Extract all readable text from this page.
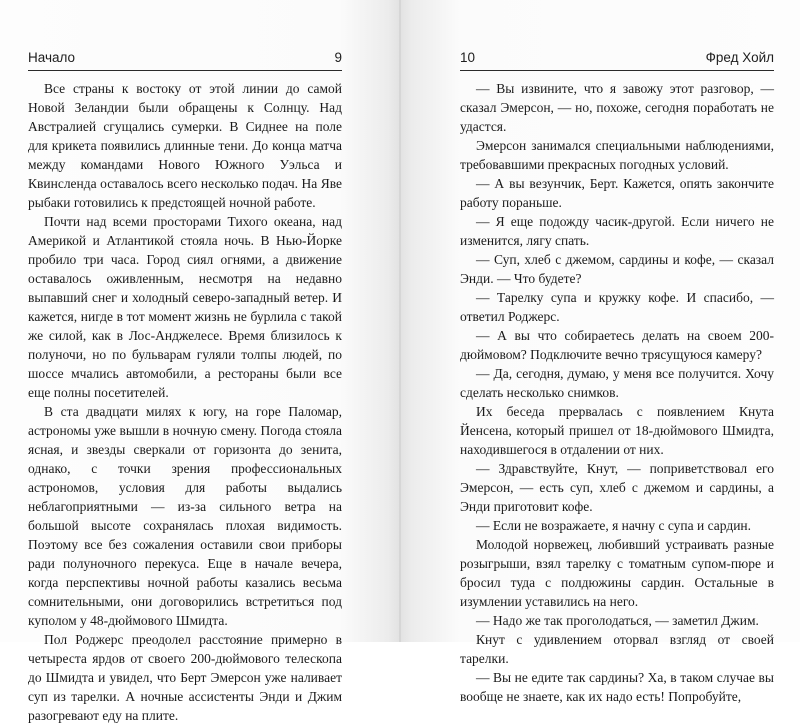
Начало	9

Все страны к востоку от этой линии до самой Новой Зеландии были обращены к Солнцу. Над Австралией сгущались сумерки. В Сиднее на поле для крикета появились длинные тени. До конца матча между командами Нового Южного Уэльса и Квинсленда оставалось всего несколько подач. На Яве рыбаки готовились к предстоящей ночной работе.

Почти над всеми просторами Тихого океана, над Америкой и Атлантикой стояла ночь. В Нью-Йорке пробило три часа. Город сиял огнями, а движение оставалось оживленным, несмотря на недавно выпавший снег и холодный северо-западный ветер. И кажется, нигде в тот момент жизнь не бурлила с такой же силой, как в Лос-Анджелесе. Время близилось к полуночи, но по бульварам гуляли толпы людей, по шоссе мчались автомобили, а рестораны были все еще полны посетителей.

В ста двадцати милях к югу, на горе Паломар, астрономы уже вышли в ночную смену. Погода стояла ясная, и звезды сверкали от горизонта до зенита, однако, с точки зрения профессиональных астрономов, условия для работы выдались неблагоприятными — из-за сильного ветра на большой высоте сохранялась плохая видимость. Поэтому все без сожаления оставили свои приборы ради полуночного перекуса. Еще в начале вечера, когда перспективы ночной работы казались весьма сомнительными, они договорились встретиться под куполом у 48-дюймового Шмидта.

Пол Роджерс преодолел расстояние примерно в четыреста ярдов от своего 200-дюймового телескопа до Шмидта и увидел, что Берт Эмерсон уже наливает суп из тарелки. А ночные ассистенты Энди и Джим разогревают еду на плите.

10	Фред Хойл

— Вы извините, что я завожу этот разговор, — сказал Эмерсон, — но, похоже, сегодня поработать не удастся.

Эмерсон занимался специальными наблюдениями, требовавшими прекрасных погодных условий.

— А вы везунчик, Берт. Кажется, опять закончите работу пораньше.

— Я еще подожду часик-другой. Если ничего не изменится, лягу спать.

— Суп, хлеб с джемом, сардины и кофе, — сказал Энди. — Что будете?

— Тарелку супа и кружку кофе. И спасибо, — ответил Роджерс.

— А вы что собираетесь делать на своем 200-дюймовом? Подключите вечно трясущуюся камеру?

— Да, сегодня, думаю, у меня все получится. Хочу сделать несколько снимков.

Их беседа прервалась с появлением Кнута Йенсена, который пришел от 18-дюймового Шмидта, находившегося в отдалении от них.

— Здравствуйте, Кнут, — поприветствовал его Эмерсон, — есть суп, хлеб с джемом и сардины, а Энди приготовит кофе.

— Если не возражаете, я начну с супа и сардин.

Молодой норвежец, любивший устраивать разные розыгрыши, взял тарелку с томатным супом-пюре и бросил туда с полдюжины сардин. Остальные в изумлении уставились на него.

— Надо же так проголодаться, — заметил Джим.

Кнут с удивлением оторвал взгляд от своей тарелки.

— Вы не едите так сардины? Ха, в таком случае вы вообще не знаете, как их надо есть! Попробуйте,
